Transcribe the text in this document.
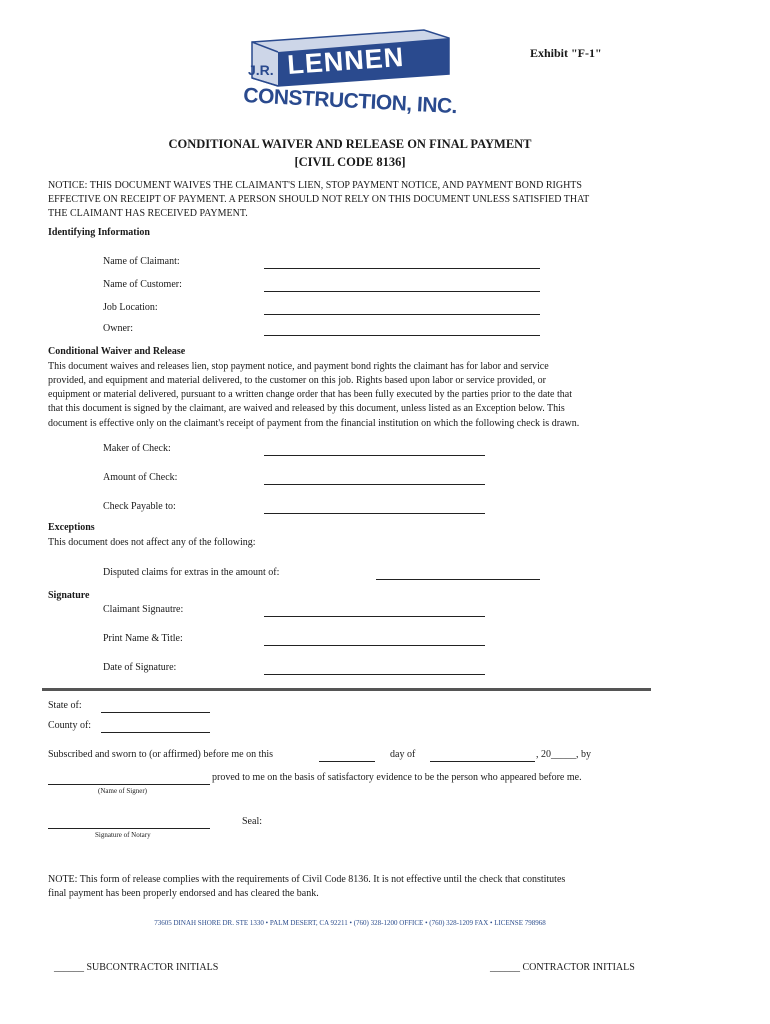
LENNEN
J.R.
CONSTRUCTION, INC.
Exhibit "F-1"
CONDITIONAL WAIVER AND RELEASE ON FINAL PAYMENT
[CIVIL CODE 8136]
NOTICE: THIS DOCUMENT WAIVES THE CLAIMANT'S LIEN, STOP PAYMENT NOTICE, AND PAYMENT BOND RIGHTS
EFFECTIVE ON RECEIPT OF PAYMENT. A PERSON SHOULD NOT RELY ON THIS DOCUMENT UNLESS SATISFIED THAT
THE CLAIMANT HAS RECEIVED PAYMENT.
Identifying Information
Name of Claimant:
Name of Customer:
Job Location:
Owner:
Conditional Waiver and Release
This document waives and releases lien, stop payment notice, and payment bond rights the claimant has for labor and service
provided, and equipment and material delivered, to the customer on this job. Rights based upon labor or service provided, or
equipment or material delivered, pursuant to a written change order that has been fully executed by the parties prior to the date that
that this document is signed by the claimant, are waived and released by this document, unless listed as an Exception below. This
document is effective only on the claimant's receipt of payment from the financial institution on which the following check is drawn.
Maker of Check:
Amount of Check:
Check Payable to:
Exceptions
This document does not affect any of the following:
Disputed claims for extras in the amount of:
Signature
Claimant Signautre:
Print Name & Title:
Date of Signature:
State of:
County of:
Subscribed and sworn to (or affirmed) before me on this	day of	, 20_____, by
proved to me on the basis of satisfactory evidence to be the person who appeared before me.
(Name of Signer)
Seal:
Signature of Notary
NOTE: This form of release complies with the requirements of Civil Code 8136. It is not effective until the check that constitutes
final payment has been properly endorsed and has cleared the bank.
73605 DINAH SHORE DR. STE 1330 • PALM DESERT, CA 92211 • (760) 328-1200 OFFICE • (760) 328-1209 FAX • LICENSE 798968
______ SUBCONTRACTOR INITIALS	______ CONTRACTOR INITIALS
